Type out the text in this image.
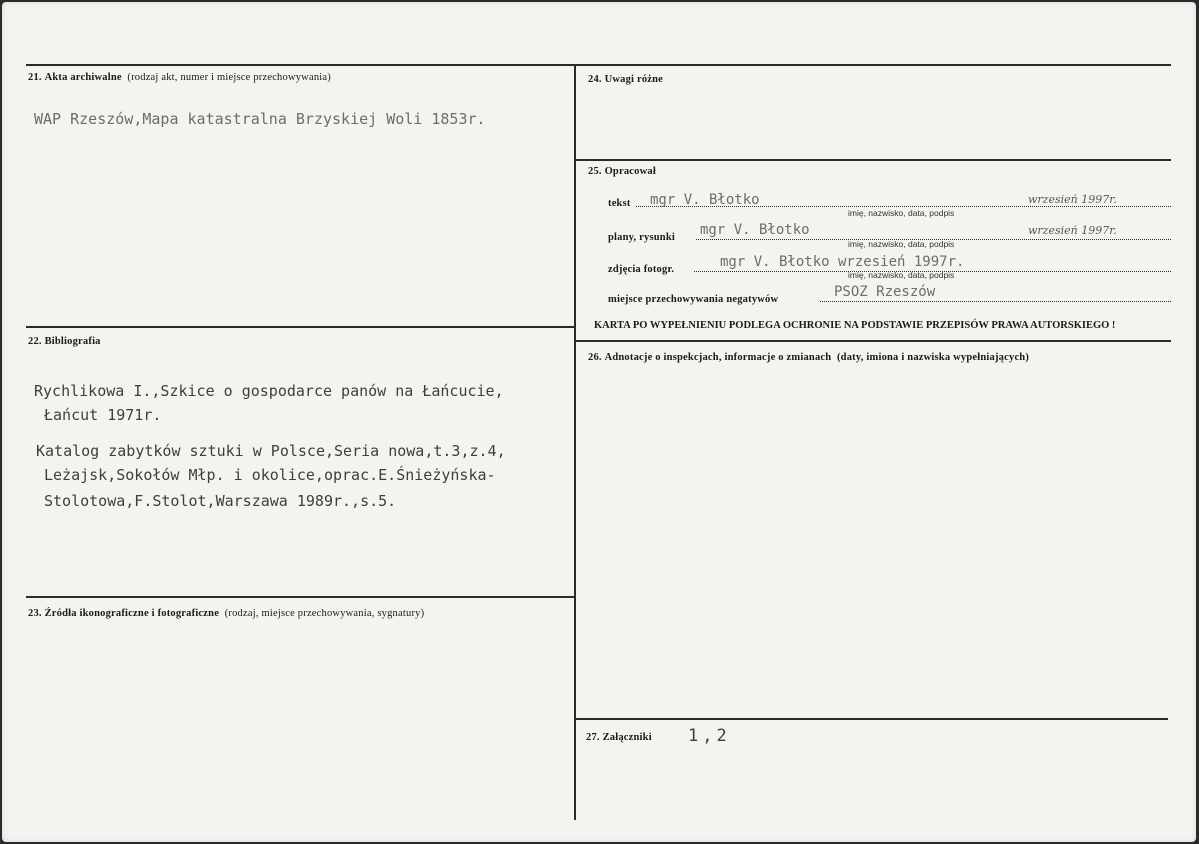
21. Akta archiwalne (rodzaj akt, numer i miejsce przechowywania)
WAP Rzeszów,Mapa katastralna Brzyskiej Woli 1853r.
22. Bibliografia
Rychlikowa I.,Szkice o gospodarce panów na Łańcucie,
Łańcut 1971r.
Katalog zabytków sztuki w Polsce,Seria nowa,t.3,z.4,
Leżajsk,Sokołów Młp. i okolice,oprac.E.Śnieżyńska-
Stolotowa,F.Stolot,Warszawa 1989r.,s.5.
23. Źródła ikonograficzne i fotograficzne (rodzaj, miejsce przechowywania, sygnatury)
24. Uwagi różne
25. Opracował
tekst mgr V. Błotko
imię, nazwisko, data, podpis
wrzesień 1997r.
plany, rysunki mgr V. Błotko
imię, nazwisko, data, podpis
wrzesień 1997r.
zdjęcia fotogr.	mgr V. Błotko wrzesień 1997r.
imię, nazwisko, data, podpis
miejsce przechowywania negatywów	PSOZ Rzeszów
KARTA PO WYPEŁNIENIU PODLEGA OCHRONIE NA PODSTAWIE PRZEPISÓW PRAWA AUTORSKIEGO !
26. Adnotacje o inspekcjach, informacje o zmianach (daty, imiona i nazwiska wypełniających)
27. Załączniki 1,2
